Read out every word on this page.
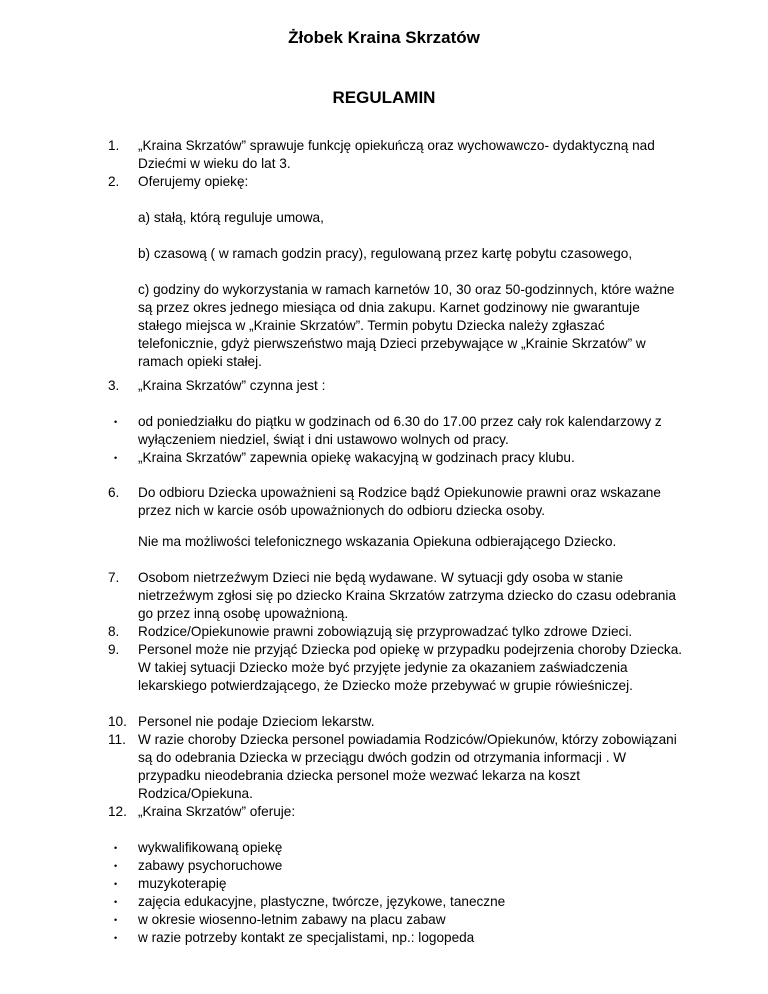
Żłobek Kraina Skrzatów
REGULAMIN
1.	„Kraina Skrzatów” sprawuje funkcję opiekuńczą oraz wychowawczo- dydaktyczną nad Dziećmi w wieku do lat 3.
2.	Oferujemy opiekę:
a) stałą, którą reguluje umowa,
b) czasową ( w ramach godzin pracy), regulowaną przez kartę pobytu czasowego,
c) godziny do wykorzystania w ramach karnetów 10, 30 oraz 50-godzinnych, które ważne są przez okres jednego miesiąca od dnia zakupu. Karnet godzinowy nie gwarantuje stałego miejsca w „Krainie Skrzatów”. Termin pobytu Dziecka należy zgłaszać telefonicznie, gdyż pierwszeństwo mają Dzieci przebywające w „Krainie Skrzatów” w ramach opieki stałej.
3.	„Kraina Skrzatów” czynna jest :
•	od poniedziałku do piątku w godzinach od 6.30 do 17.00 przez cały rok kalendarzowy z wyłączeniem niedziel, świąt i dni ustawowo wolnych od pracy.
•	„Kraina Skrzatów” zapewnia opiekę wakacyjną w godzinach pracy klubu.
6.	Do odbioru Dziecka upoważnieni są Rodzice bądź Opiekunowie prawni oraz wskazane przez nich w karcie osób upoważnionych do odbioru dziecka osoby.
Nie ma możliwości telefonicznego wskazania Opiekuna odbierającego Dziecko.
7.	Osobom nietrzeźwym Dzieci nie będą wydawane. W sytuacji gdy osoba w stanie nietrzeźwym zgłosi się po dziecko Kraina Skrzatów zatrzyma dziecko do czasu odebrania go przez inną osobę upoważnioną.
8.	Rodzice/Opiekunowie prawni zobowiązują się przyprowadzać tylko zdrowe Dzieci.
9.	Personel może nie przyjąć Dziecka pod opiekę w przypadku podejrzenia choroby Dziecka. W takiej sytuacji Dziecko może być przyjęte jedynie za okazaniem zaświadczenia lekarskiego potwierdzającego, że Dziecko może przebywać w grupie rówieśniczej.
10. Personel nie podaje Dzieciom lekarstw.
11. W razie choroby Dziecka personel powiadamia Rodziców/Opiekunów, którzy zobowiązani są do odebrania Dziecka w przeciągu dwóch godzin od otrzymania informacji . W przypadku nieodebrania dziecka personel może wezwać lekarza na koszt Rodzica/Opiekuna.
12. „Kraina Skrzatów” oferuje:
•	wykwalifikowaną opiekę
•	zabawy psychoruchowe
•	muzykoterapię
•	zajęcia edukacyjne, plastyczne, twórcze, językowe, taneczne
•	w okresie wiosenno-letnim zabawy na placu zabaw
•	w razie potrzeby kontakt ze specjalistami, np.: logopeda
